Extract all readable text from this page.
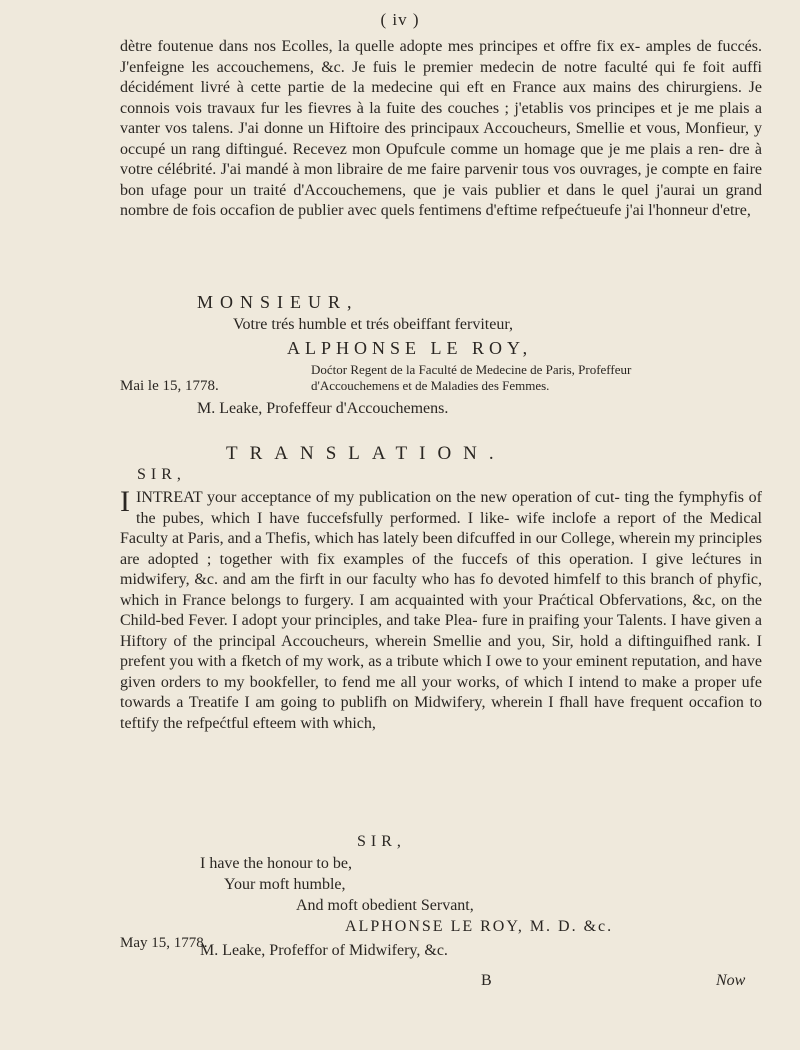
( iv )

dètre foutenue dans nos Ecolles, la quelle adopte mes principes et offre fix ex- amples de fuccés. J'enfeigne les accouchemens, &c. Je fuis le premier medecin de notre faculté qui fe foit auffi décidément livré à cette partie de la medecine qui eft en France aux mains des chirurgiens. Je connois vois travaux fur les fievres à la fuite des couches ; j'etablis vos principes et je me plais a vanter vos talens. J'ai donne un Hiftoire des principaux Accoucheurs, Smellie et vous, Monfieur, y occupé un rang diftingué. Recevez mon Opufcule comme un homage que je me plais a ren- dre à votre célébrité. J'ai mandé à mon libraire de me faire parvenir tous vos ouvrages, je compte en faire bon ufage pour un traité d'Accouchemens, que je vais publier et dans le quel j'aurai un grand nombre de fois occafion de publier avec quels fentimens d'eftime refpećtueufe j'ai l'honneur d'etre,

MONSIEUR,
Votre trés humble et trés obeiffant ferviteur,
ALPHONSE LE ROY,
Doćtor Regent de la Faculté de Medecine de Paris, Profeffeur
Mai le 15, 1778.	d'Accouchemens et de Maladies des Femmes.
M. Leake, Profeffeur d'Accouchemens.
TRANSLATION.
SIR,

IINTREAT your acceptance of my publication on the new operation of cut- ting the fymphyfis of the pubes, which I have fuccefsfully performed. I like- wife inclofe a report of the Medical Faculty at Paris, and a Thefis, which has lately been difcuffed in our College, wherein my principles are adopted ; together with fix examples of the fuccefs of this operation. I give lećtures in midwifery, &c. and am the firft in our faculty who has fo devoted himfelf to this branch of phyfic, which in France belongs to furgery. I am acquainted with your Praćtical Obfervations, &c, on the Child-bed Fever. I adopt your principles, and take Plea- fure in praifing your Talents. I have given a Hiftory of the principal Accoucheurs, wherein Smellie and you, Sir, hold a diftinguifhed rank. I prefent you with a fketch of my work, as a tribute which I owe to your eminent reputation, and have given orders to my bookfeller, to fend me all your works, of which I intend to make a proper ufe towards a Treatife I am going to publifh on Midwifery, wherein I fhall have frequent occafion to teftify the refpećtful efteem with which,

SIR,
I have the honour to be,
Your moft humble,
And moft obedient Servant,
ALPHONSE LE ROY, M. D. &c.
May 15, 1778.
M. Leake, Profeffor of Midwifery, &c.
B	Now
